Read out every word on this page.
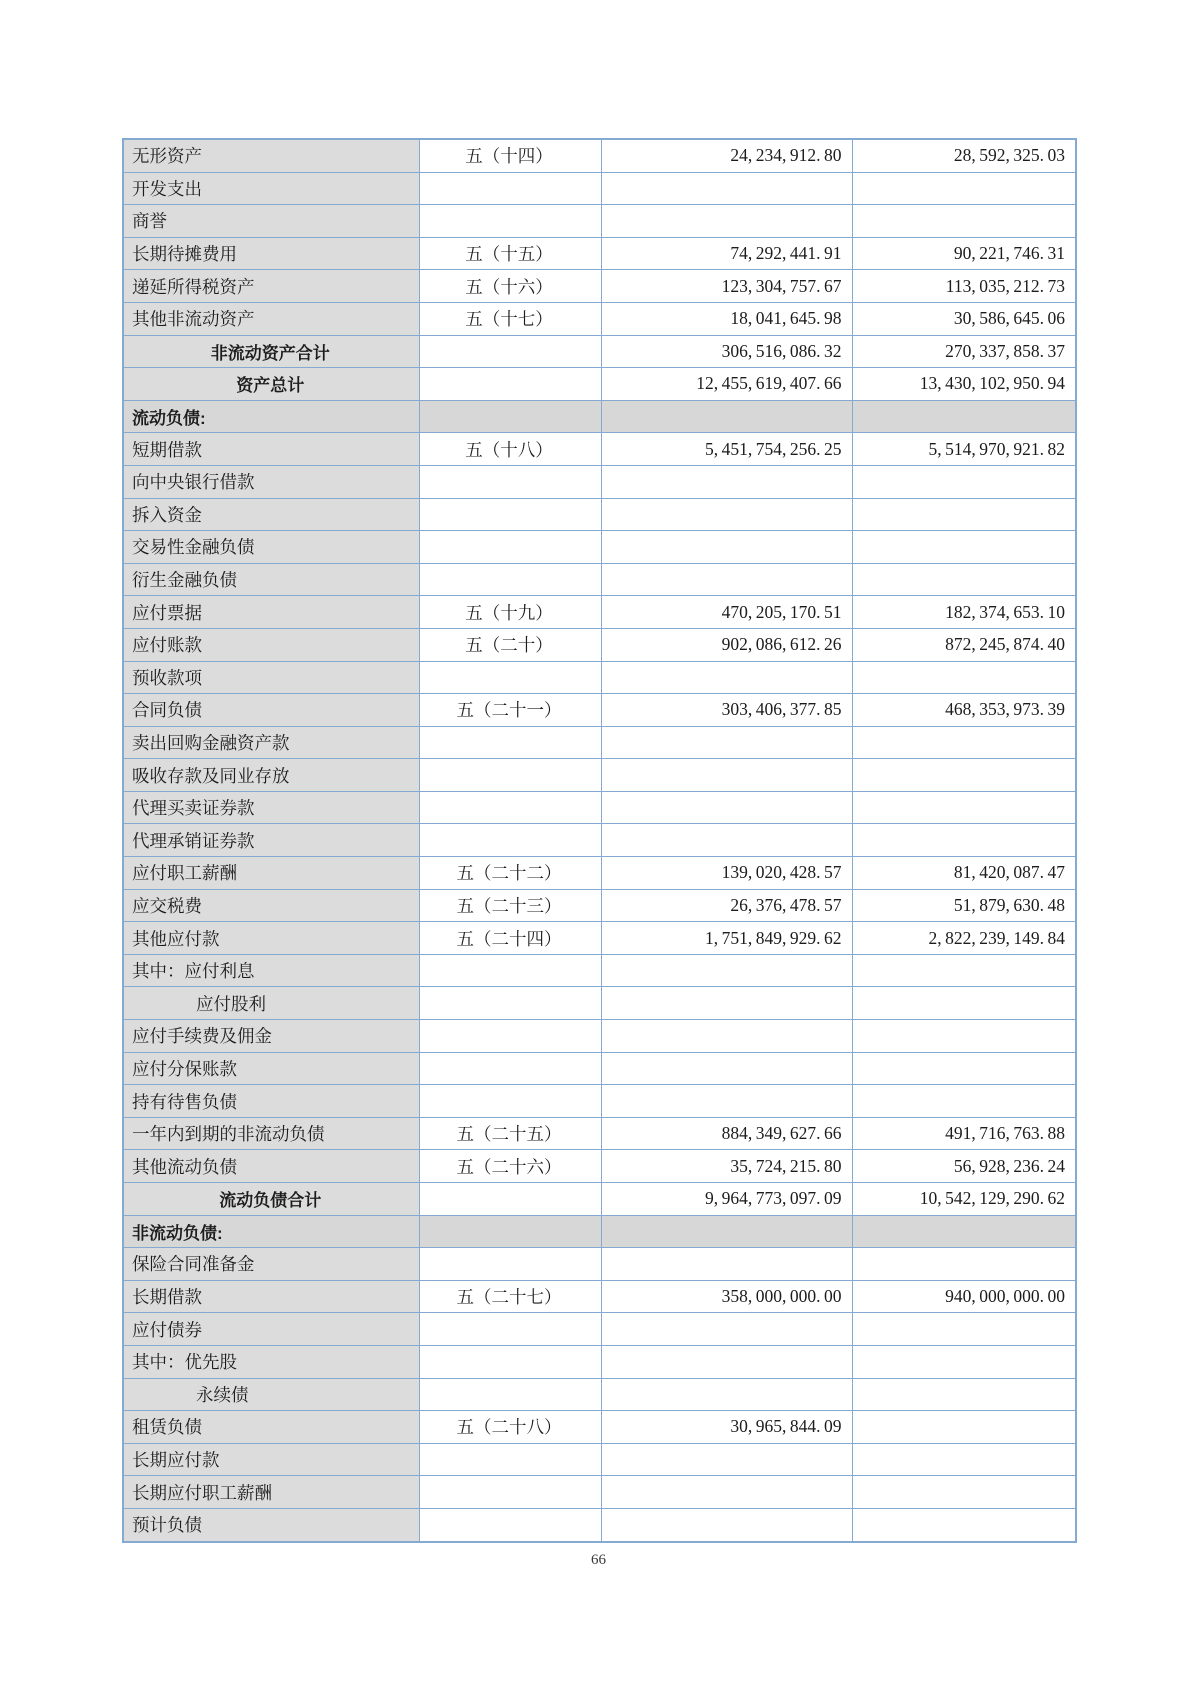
无形资产	五（十四）	24, 234, 912. 80	28, 592, 325. 03
开发支出			
商誉			
长期待摊费用	五（十五）	74, 292, 441. 91	90, 221, 746. 31
递延所得税资产	五（十六）	123, 304, 757. 67	113, 035, 212. 73
其他非流动资产	五（十七）	18, 041, 645. 98	30, 586, 645. 06
非流动资产合计		306, 516, 086. 32	270, 337, 858. 37
资产总计		12, 455, 619, 407. 66	13, 430, 102, 950. 94
流动负债:			
短期借款	五（十八）	5, 451, 754, 256. 25	5, 514, 970, 921. 82
向中央银行借款			
拆入资金			
交易性金融负债			
衍生金融负债			
应付票据	五（十九）	470, 205, 170. 51	182, 374, 653. 10
应付账款	五（二十）	902, 086, 612. 26	872, 245, 874. 40
预收款项			
合同负债	五（二十一）	303, 406, 377. 85	468, 353, 973. 39
卖出回购金融资产款			
吸收存款及同业存放			
代理买卖证券款			
代理承销证券款			
应付职工薪酬	五（二十二）	139, 020, 428. 57	81, 420, 087. 47
应交税费	五（二十三）	26, 376, 478. 57	51, 879, 630. 48
其他应付款	五（二十四）	1, 751, 849, 929. 62	2, 822, 239, 149. 84
其中：应付利息			
应付股利			
应付手续费及佣金			
应付分保账款			
持有待售负债			
一年内到期的非流动负债	五（二十五）	884, 349, 627. 66	491, 716, 763. 88
其他流动负债	五（二十六）	35, 724, 215. 80	56, 928, 236. 24
流动负债合计		9, 964, 773, 097. 09	10, 542, 129, 290. 62
非流动负债:			
保险合同准备金			
长期借款	五（二十七）	358, 000, 000. 00	940, 000, 000. 00
应付债券			
其中：优先股			
永续债			
租赁负债	五（二十八）	30, 965, 844. 09	
长期应付款			
长期应付职工薪酬			
预计负债			
66
